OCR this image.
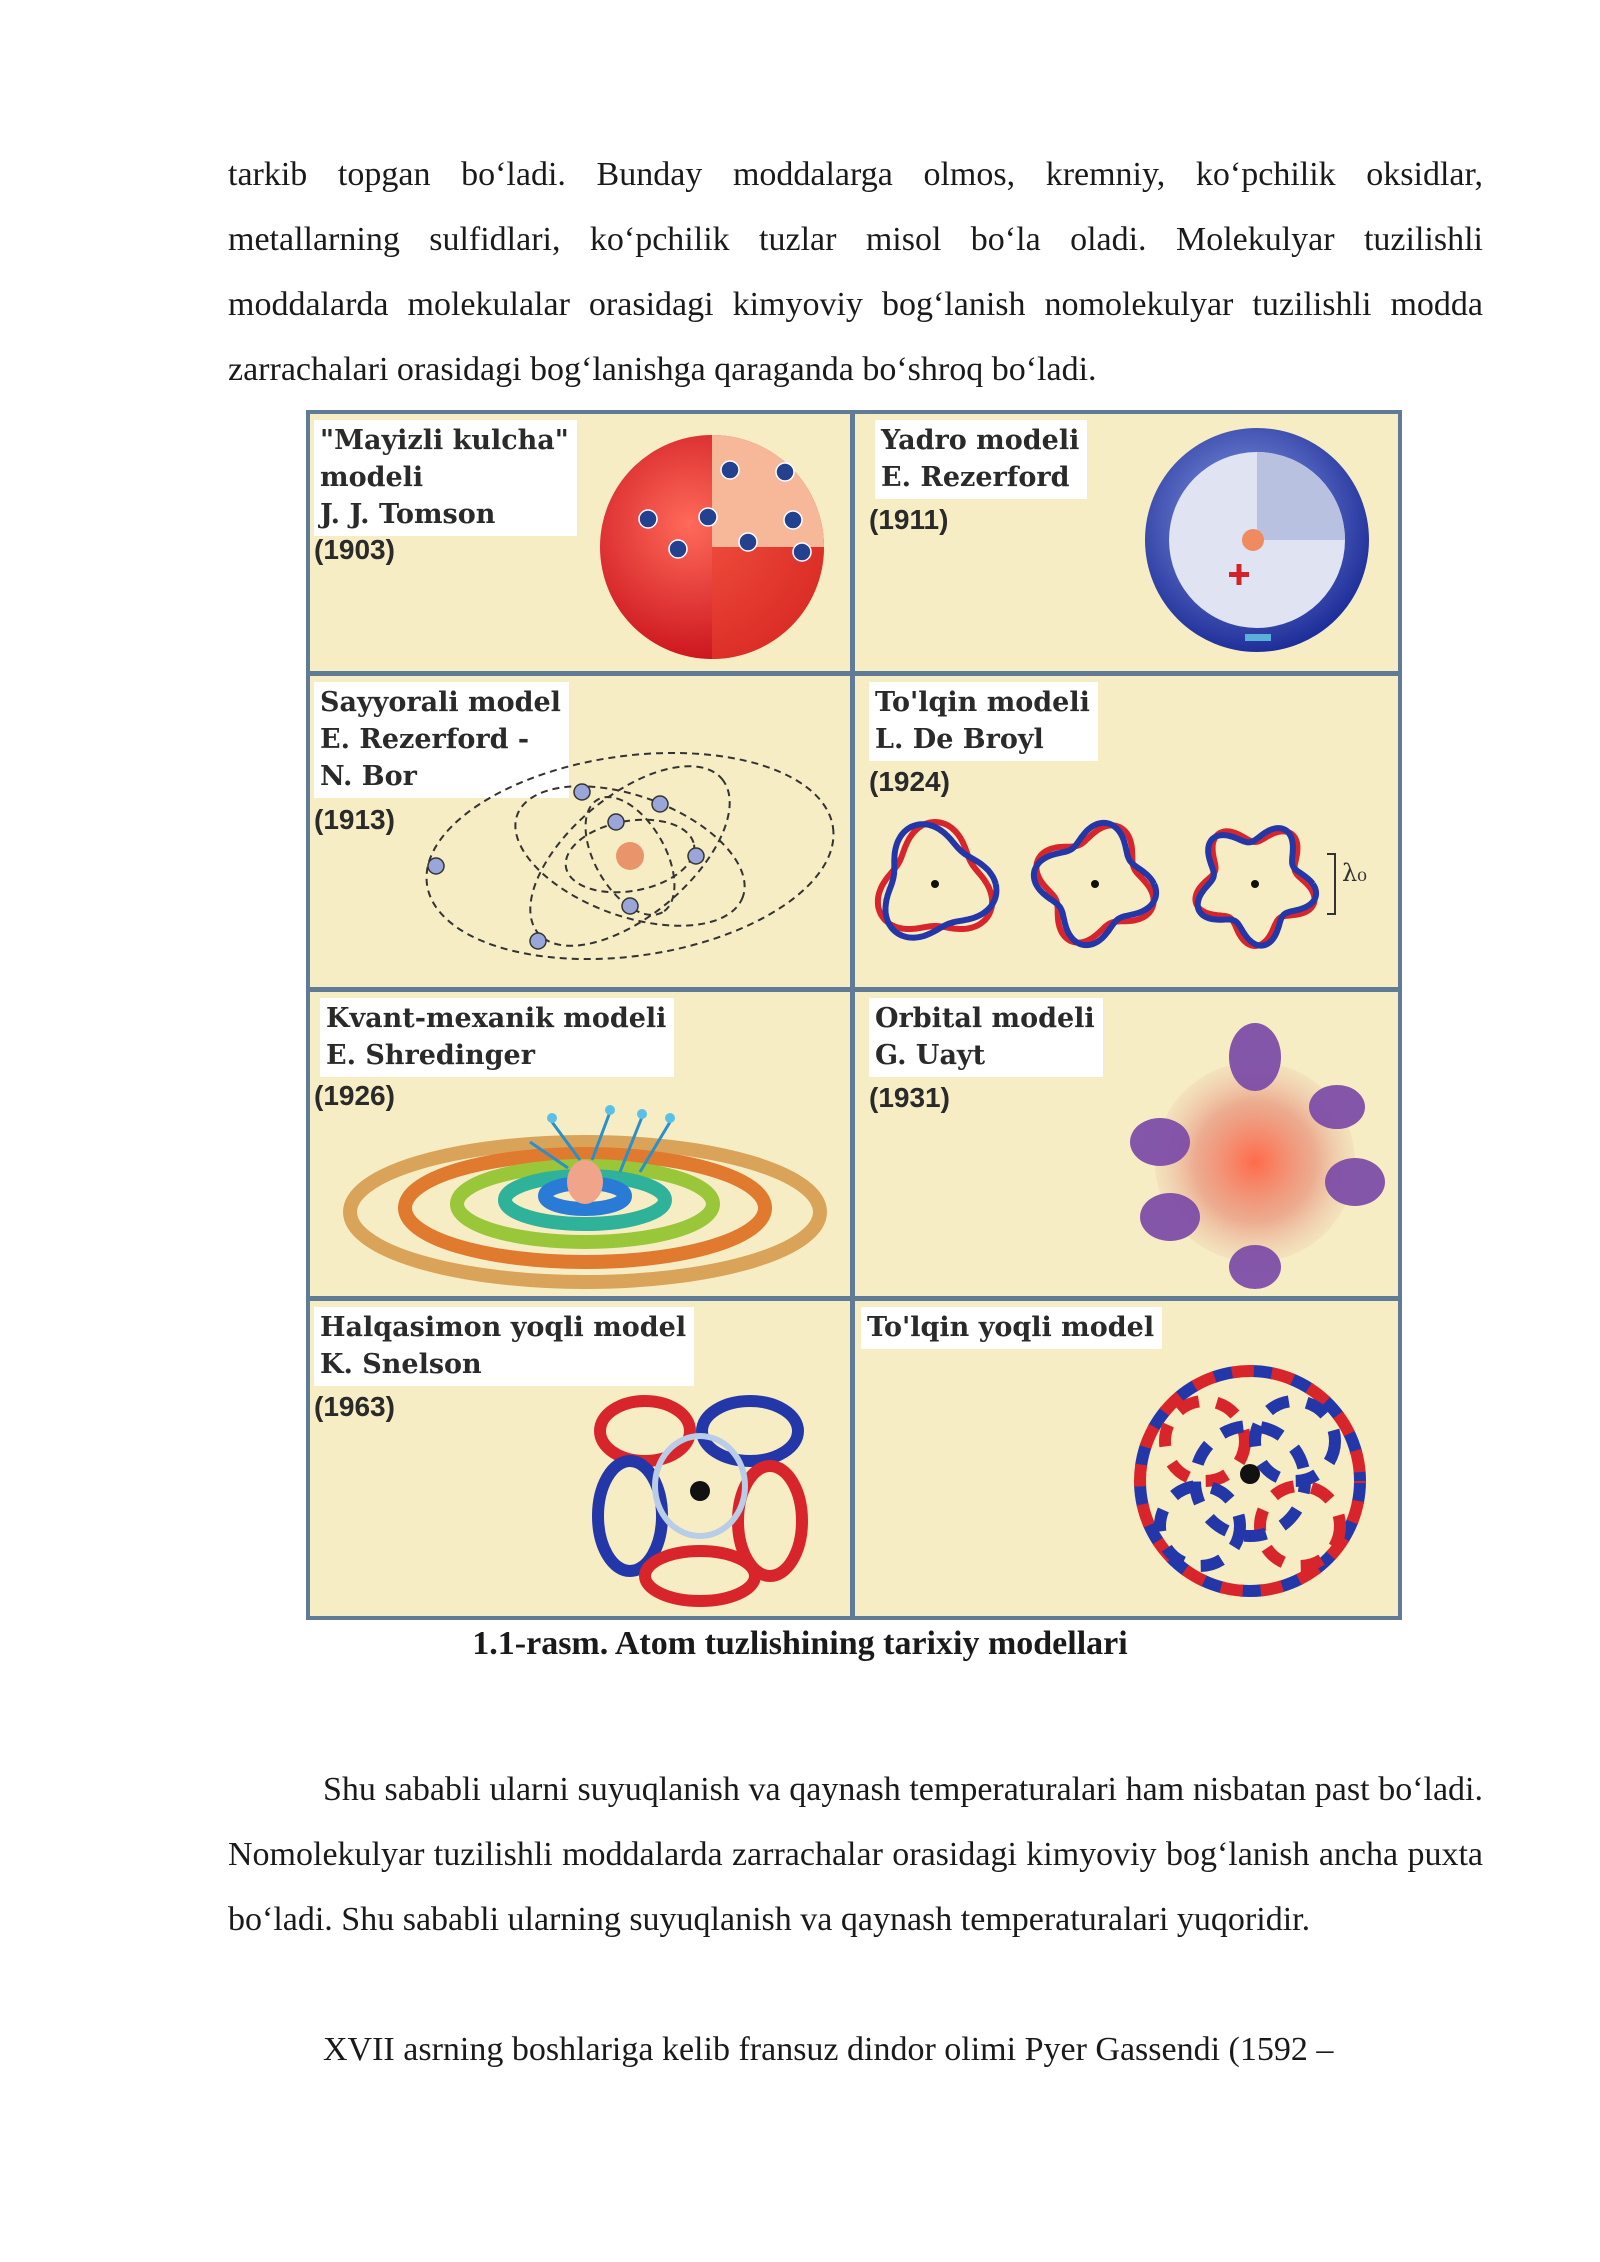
tarkib topgan bo‘ladi. Bunday moddalarga olmos, kremniy, ko‘pchilik oksidlar, metallarning sulfidlari, ko‘pchilik tuzlar misol bo‘la oladi. Molekulyar tuzilishli moddalarda molekulalar orasidagi kimyoviy bog‘lanish nomolekulyar tuzilishli modda zarrachalari orasidagi bog‘lanishga qaraganda bo‘shroq bo‘ladi.

"Mayizli kulcha"
modeli
J. J. Tomson
(1903)
Yadro modeli
E. Rezerford
(1911)
Sayyorali model
E. Rezerford -
N. Bor
(1913)
To'lqin modeli
L. De Broyl
(1924)
λ₀
Kvant-mexanik modeli
E. Shredinger
(1926)
Orbital modeli
G. Uayt
(1931)
Halqasimon yoqli model
K. Snelson
(1963)
To'lqin yoqli model
1.1-rasm. Atom tuzlishining tarixiy modellari

Shu sababli ularni suyuqlanish va qaynash temperaturalari ham nisbatan past bo‘ladi. Nomolekulyar tuzilishli moddalarda zarrachalar orasidagi kimyoviy bog‘lanish ancha puxta bo‘ladi. Shu sababli ularning suyuqlanish va qaynash temperaturalari yuqoridir.

XVII asrning boshlariga kelib fransuz dindor olimi Pyer Gassendi (1592 –
